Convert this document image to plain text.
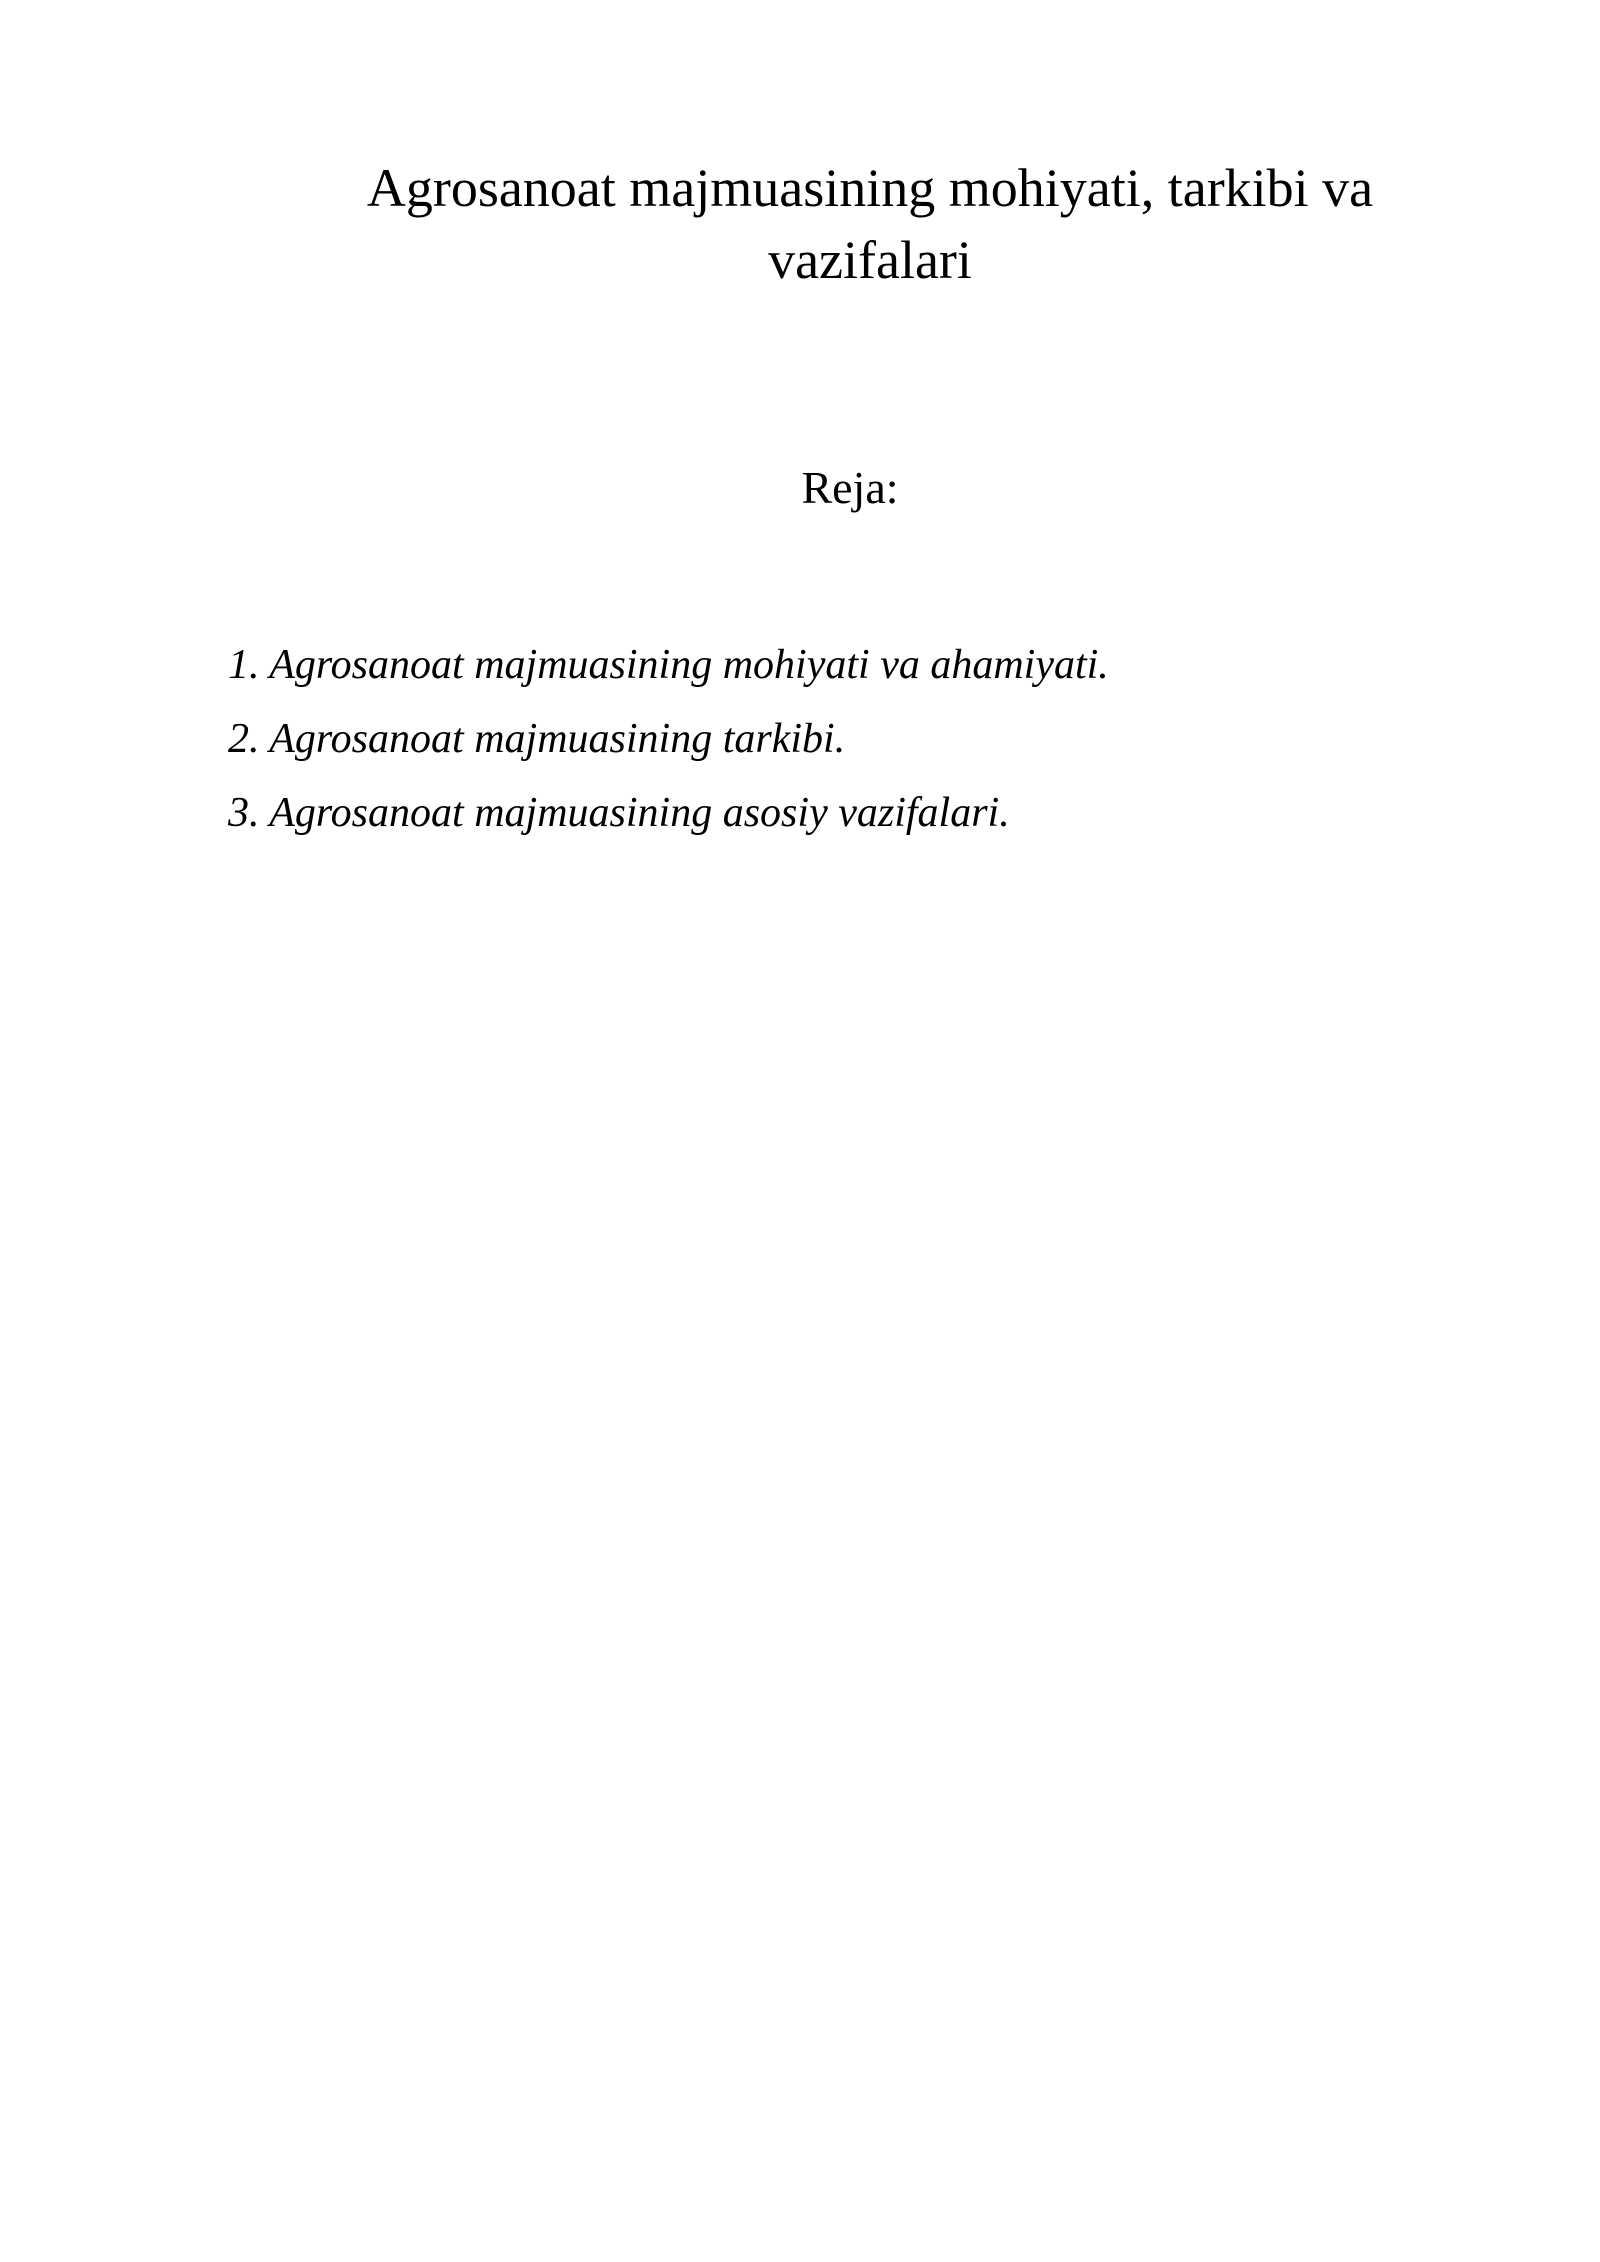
Agrosanoat majmuasining mohiyati, tarkibi va vazifalari
Reja:
1. Agrosanoat majmuasining mohiyati va ahamiyati.
2. Agrosanoat majmuasining tarkibi.
3. Agrosanoat majmuasining asosiy vazifalari.
